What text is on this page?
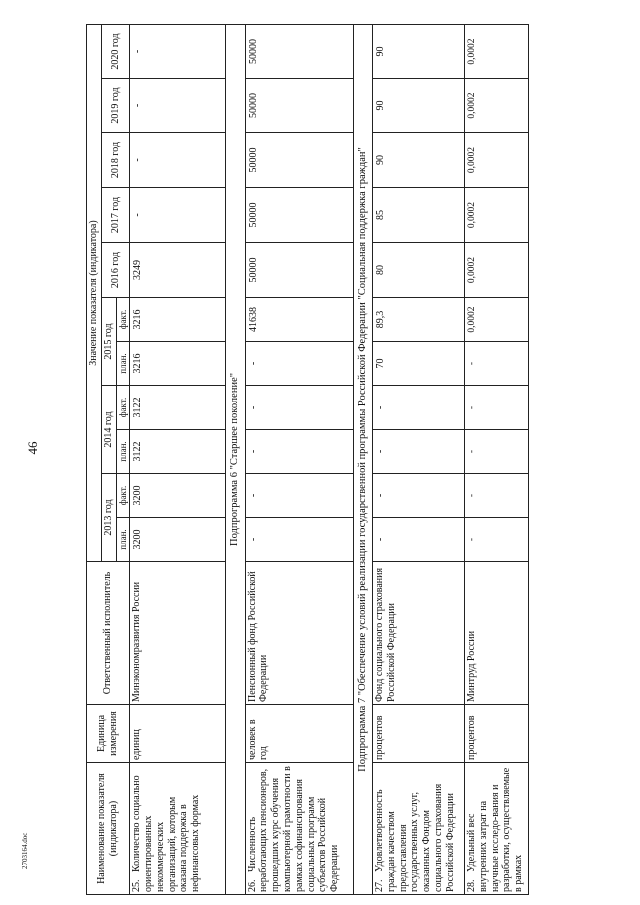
46
2703164.doc	Наименование показателя (индикатора)	Единица измерения	Ответственный исполнитель	Значение показателя (индикатора)										
			2013 год		2014 год		2015 год		2016 год	2017 год	2018 год	2019 год	2020 год
			план.	факт.	план.	факт.	план.	факт.					
25.Количество социально ориентированных некоммерческих организаций, которым оказана поддержка в нефинансовых формах	единиц	Минэкономразвития России	3200	3200	3122	3122	3216	3216	3249	-	-	-	-
Подпрограмма 6 "Старшее поколение"													
26.Численность неработающих пенсионеров, прошедших курс обучения компьютерной грамотности в рамках софинансирования социальных программ субъектов Российской Федерации	человек в год	Пенсионный фонд Российской Федерации	-	-	-	-	-	41638	50000	50000	50000	50000	50000
Подпрограмма 7 "Обеспечение условий реализации государственной программы Российской Федерации "Социальная поддержка граждан"													
27.Удовлетворенность граждан качеством предоставления государственных услуг, оказанных Фондом социального страхования Российской Федерации	процентов	Фонд социального страхования Российской Федерации	-	-	-	-	70	89,3	80	85	90	90	90
28.Удельный вес внутренних затрат на научные исследо-вания и разработки, осуществляемые в рамках	процентов	Минтруд России	-	-	-	-	-	0,0002	0,0002	0,0002	0,0002	0,0002	0,0002
